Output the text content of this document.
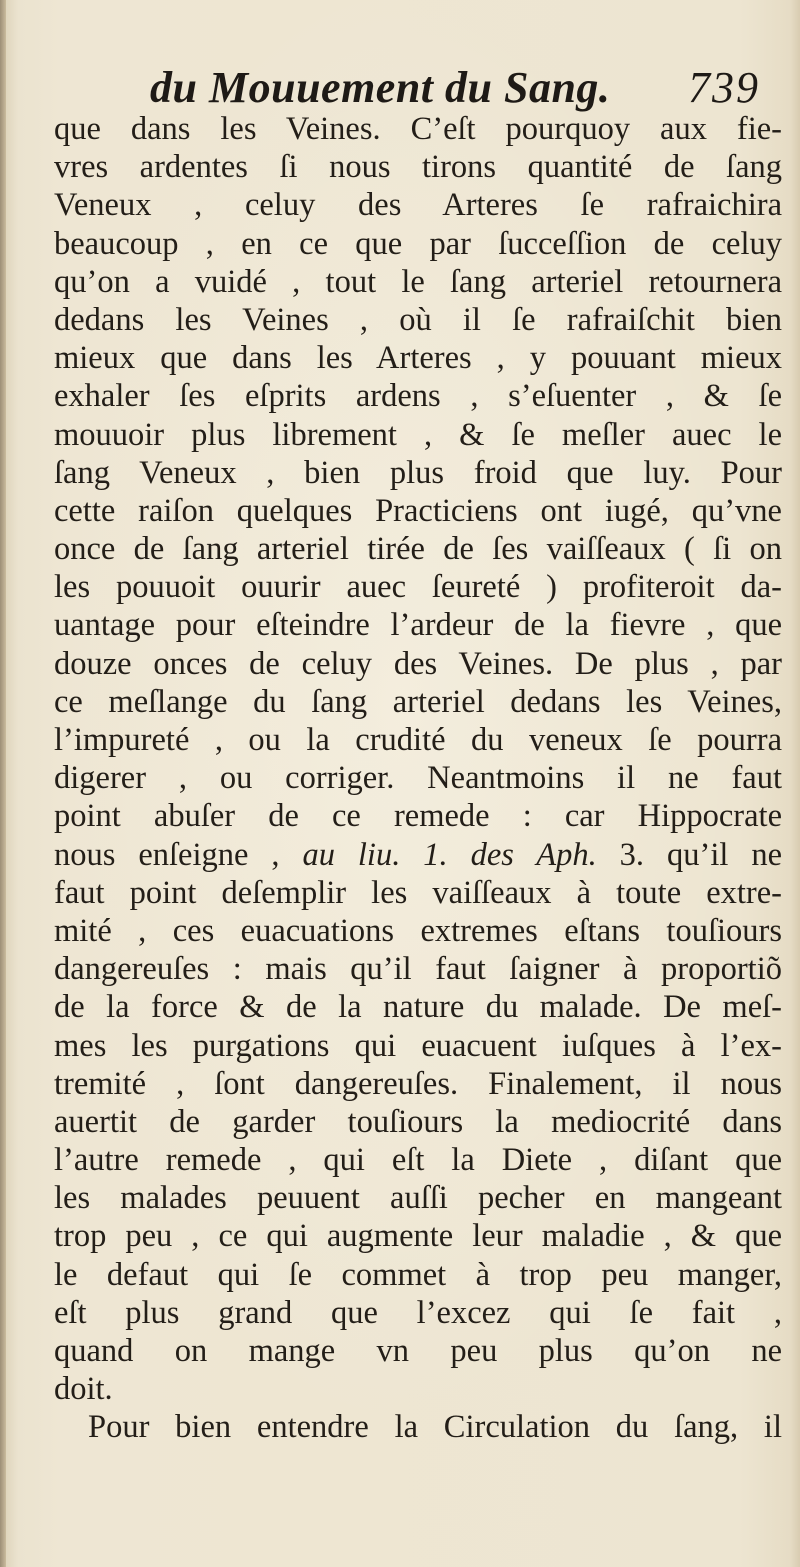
du Mouuement du Sang. 739
que dans les Veines. C’eſt pourquoy aux fie-
vres ardentes ſi nous tirons quantité de ſang
Veneux , celuy des Arteres ſe rafraichira
beaucoup , en ce que par ſucceſſion de celuy
qu’on a vuidé , tout le ſang arteriel retournera
dedans les Veines , où il ſe rafraiſchit bien
mieux que dans les Arteres , y pouuant mieux
exhaler ſes eſprits ardens , s’eſuenter , & ſe
mouuoir plus librement , & ſe meſler auec le
ſang Veneux , bien plus froid que luy. Pour
cette raiſon quelques Practiciens ont iugé, qu’vne
once de ſang arteriel tirée de ſes vaiſſeaux ( ſi on
les pouuoit ouurir auec ſeureté ) profiteroit da-
uantage pour eſteindre l’ardeur de la fievre , que
douze onces de celuy des Veines. De plus , par
ce meſlange du ſang arteriel dedans les Veines,
l’impureté , ou la crudité du veneux ſe pourra
digerer , ou corriger. Neantmoins il ne faut
point abuſer de ce remede : car Hippocrate
nous enſeigne , au liu. 1. des Aph. 3. qu’il ne
faut point deſemplir les vaiſſeaux à toute extre-
mité , ces euacuations extremes eſtans touſiours
dangereuſes : mais qu’il faut ſaigner à proportiõ
de la force & de la nature du malade. De meſ-
mes les purgations qui euacuent iuſques à l’ex-
tremité , ſont dangereuſes. Finalement, il nous
auertit de garder touſiours la mediocrité dans
l’autre remede , qui eſt la Diete , diſant que
les malades peuuent auſſi pecher en mangeant
trop peu , ce qui augmente leur maladie , & que
le defaut qui ſe commet à trop peu manger,
eſt plus grand que l’excez qui ſe fait ,
quand on mange vn peu plus qu’on ne
doit.
Pour bien entendre la Circulation du ſang, il
